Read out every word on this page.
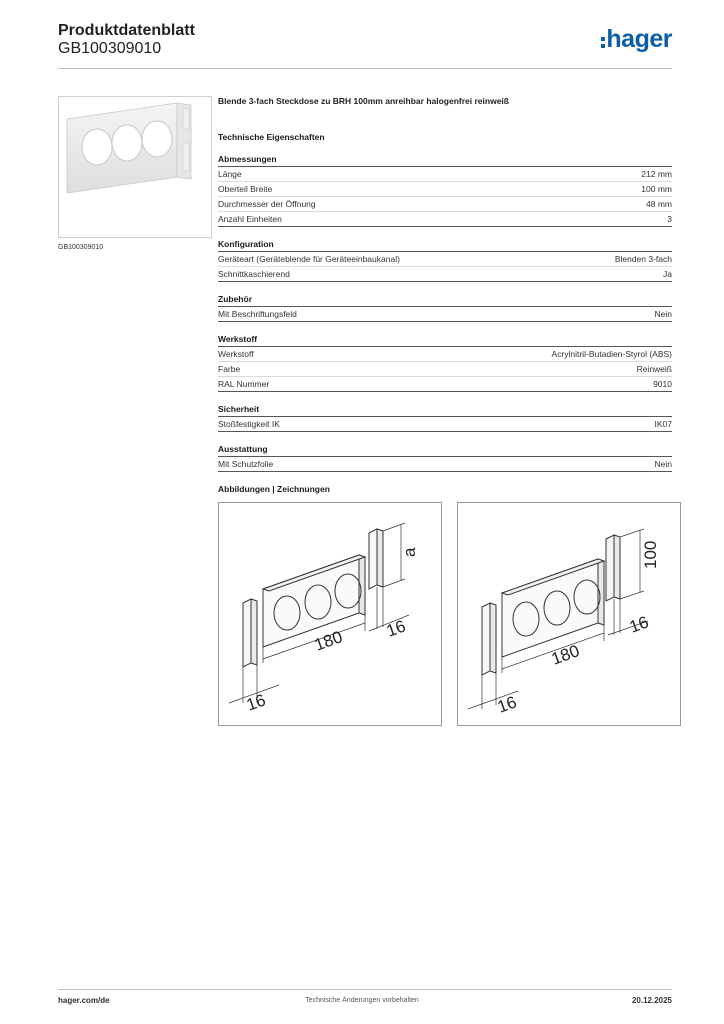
Produktdatenblatt
GB100309010	hager
GB100309010
Blende 3-fach Steckdose zu BRH 100mm anreihbar halogenfrei reinweiß
Technische Eigenschaften
Abmessungen
Länge	212 mm
Oberteil Breite	100 mm
Durchmesser der Öffnung	48 mm
Anzahl Einheiten	3
Konfiguration
Geräteart (Geräteblende für Geräteeinbaukanal)	Blenden 3-fach
Schnittkaschierend	Ja
Zubehör
Mit Beschriftungsfeld	Nein
Werkstoff
Werkstoff	Acrylnitril-Butadien-Styrol (ABS)
Farbe	Reinweiß
RAL Nummer	9010
Sicherheit
Stoßfestigkeit IK	IK07
Ausstattung
Mit Schutzfolie	Nein
Abbildungen | Zeichnungen
180
16
16
a
180
16
16
100
hager.com/de	Technische Änderungen vorbehalten	20.12.2025
